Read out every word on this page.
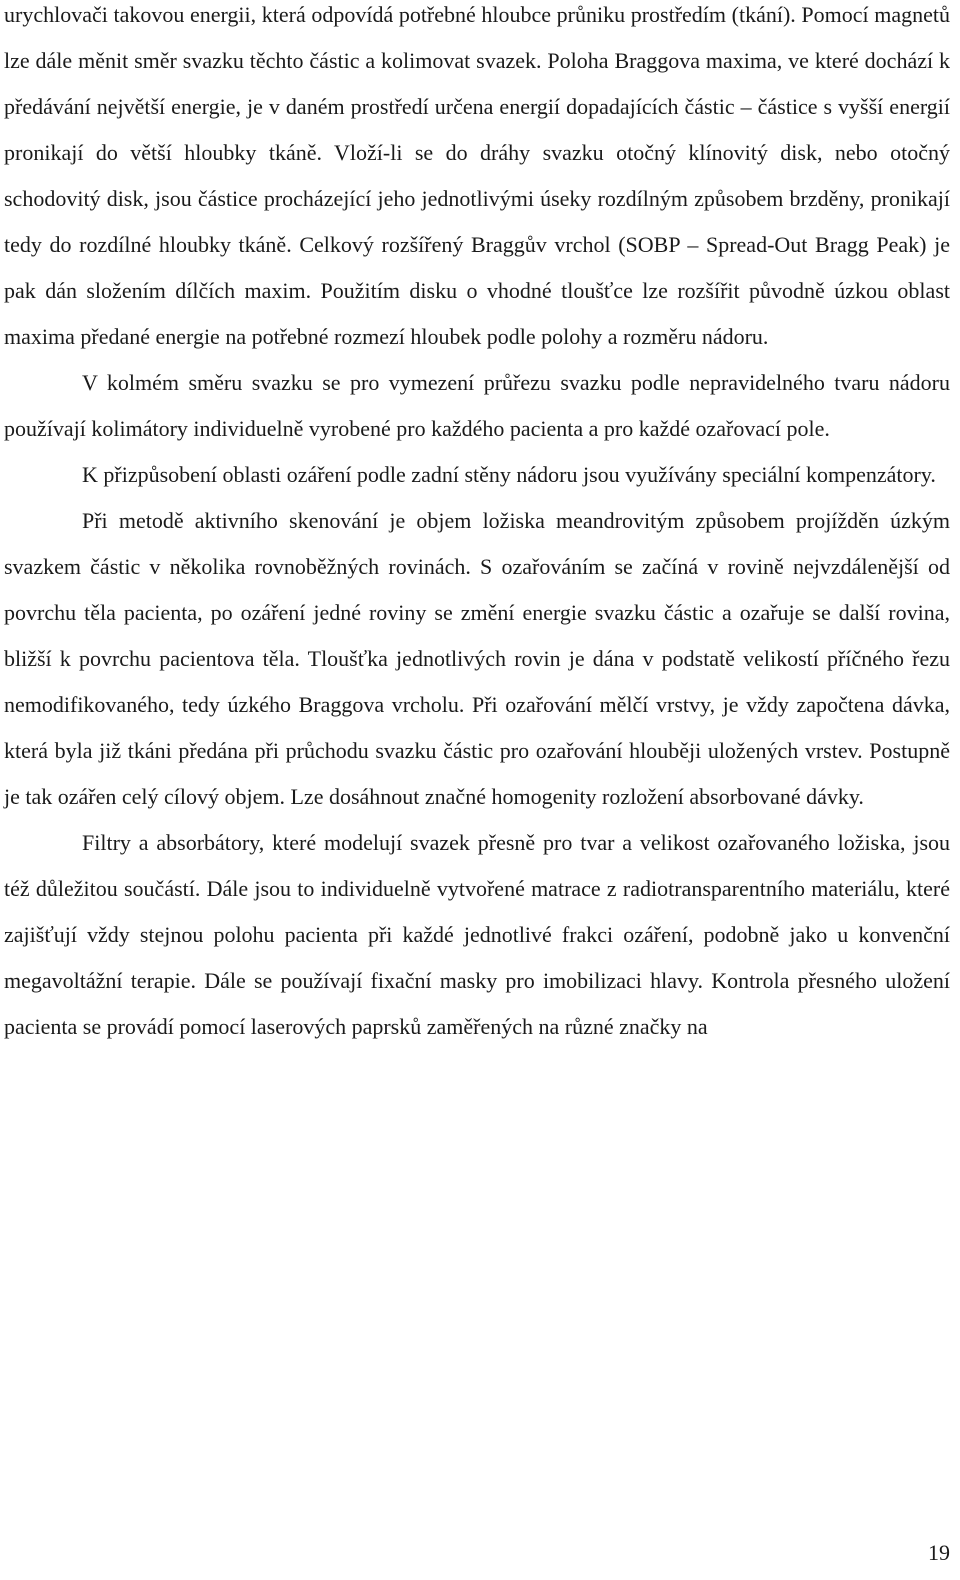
urychlovači takovou energii, která odpovídá potřebné hloubce průniku prostředím (tkání). Pomocí magnetů lze dále měnit směr svazku těchto částic a kolimovat svazek. Poloha Braggova maxima, ve které dochází k předávání největší energie, je v daném prostředí určena energií dopadajících částic – částice s vyšší energií pronikají do větší hloubky tkáně. Vloží-li se do dráhy svazku otočný klínovitý disk, nebo otočný schodovitý disk, jsou částice procházející jeho jednotlivými úseky rozdílným způsobem brzděny, pronikají tedy do rozdílné hloubky tkáně. Celkový rozšířený Braggův vrchol (SOBP – Spread-Out Bragg Peak) je pak dán složením dílčích maxim. Použitím disku o vhodné tloušťce lze rozšířit původně úzkou oblast maxima předané energie na potřebné rozmezí hloubek podle polohy a rozměru nádoru.

V kolmém směru svazku se pro vymezení průřezu svazku podle nepravidelného tvaru nádoru používají kolimátory individuelně vyrobené pro každého pacienta a pro každé ozařovací pole.

K přizpůsobení oblasti ozáření podle zadní stěny nádoru jsou využívány speciální kompenzátory.

Při metodě aktivního skenování je objem ložiska meandrovitým způsobem projížděn úzkým svazkem částic v několika rovnoběžných rovinách. S ozařováním se začíná v rovině nejvzdálenější od povrchu těla pacienta, po ozáření jedné roviny se změní energie svazku částic a ozařuje se další rovina, bližší k povrchu pacientova těla. Tloušťka jednotlivých rovin je dána v podstatě velikostí příčného řezu nemodifikovaného, tedy úzkého Braggova vrcholu. Při ozařování mělčí vrstvy, je vždy započtena dávka, která byla již tkáni předána při průchodu svazku částic pro ozařování hlouběji uložených vrstev. Postupně je tak ozářen celý cílový objem. Lze dosáhnout značné homogenity rozložení absorbované dávky.

Filtry a absorbátory, které modelují svazek přesně pro tvar a velikost ozařovaného ložiska, jsou též důležitou součástí. Dále jsou to individuelně vytvořené matrace z radiotransparentního materiálu, které zajišťují vždy stejnou polohu pacienta při každé jednotlivé frakci ozáření, podobně jako u konvenční megavoltážní terapie. Dále se používají fixační masky pro imobilizaci hlavy. Kontrola přesného uložení pacienta se provádí pomocí laserových paprsků zaměřených na různé značky na

19
